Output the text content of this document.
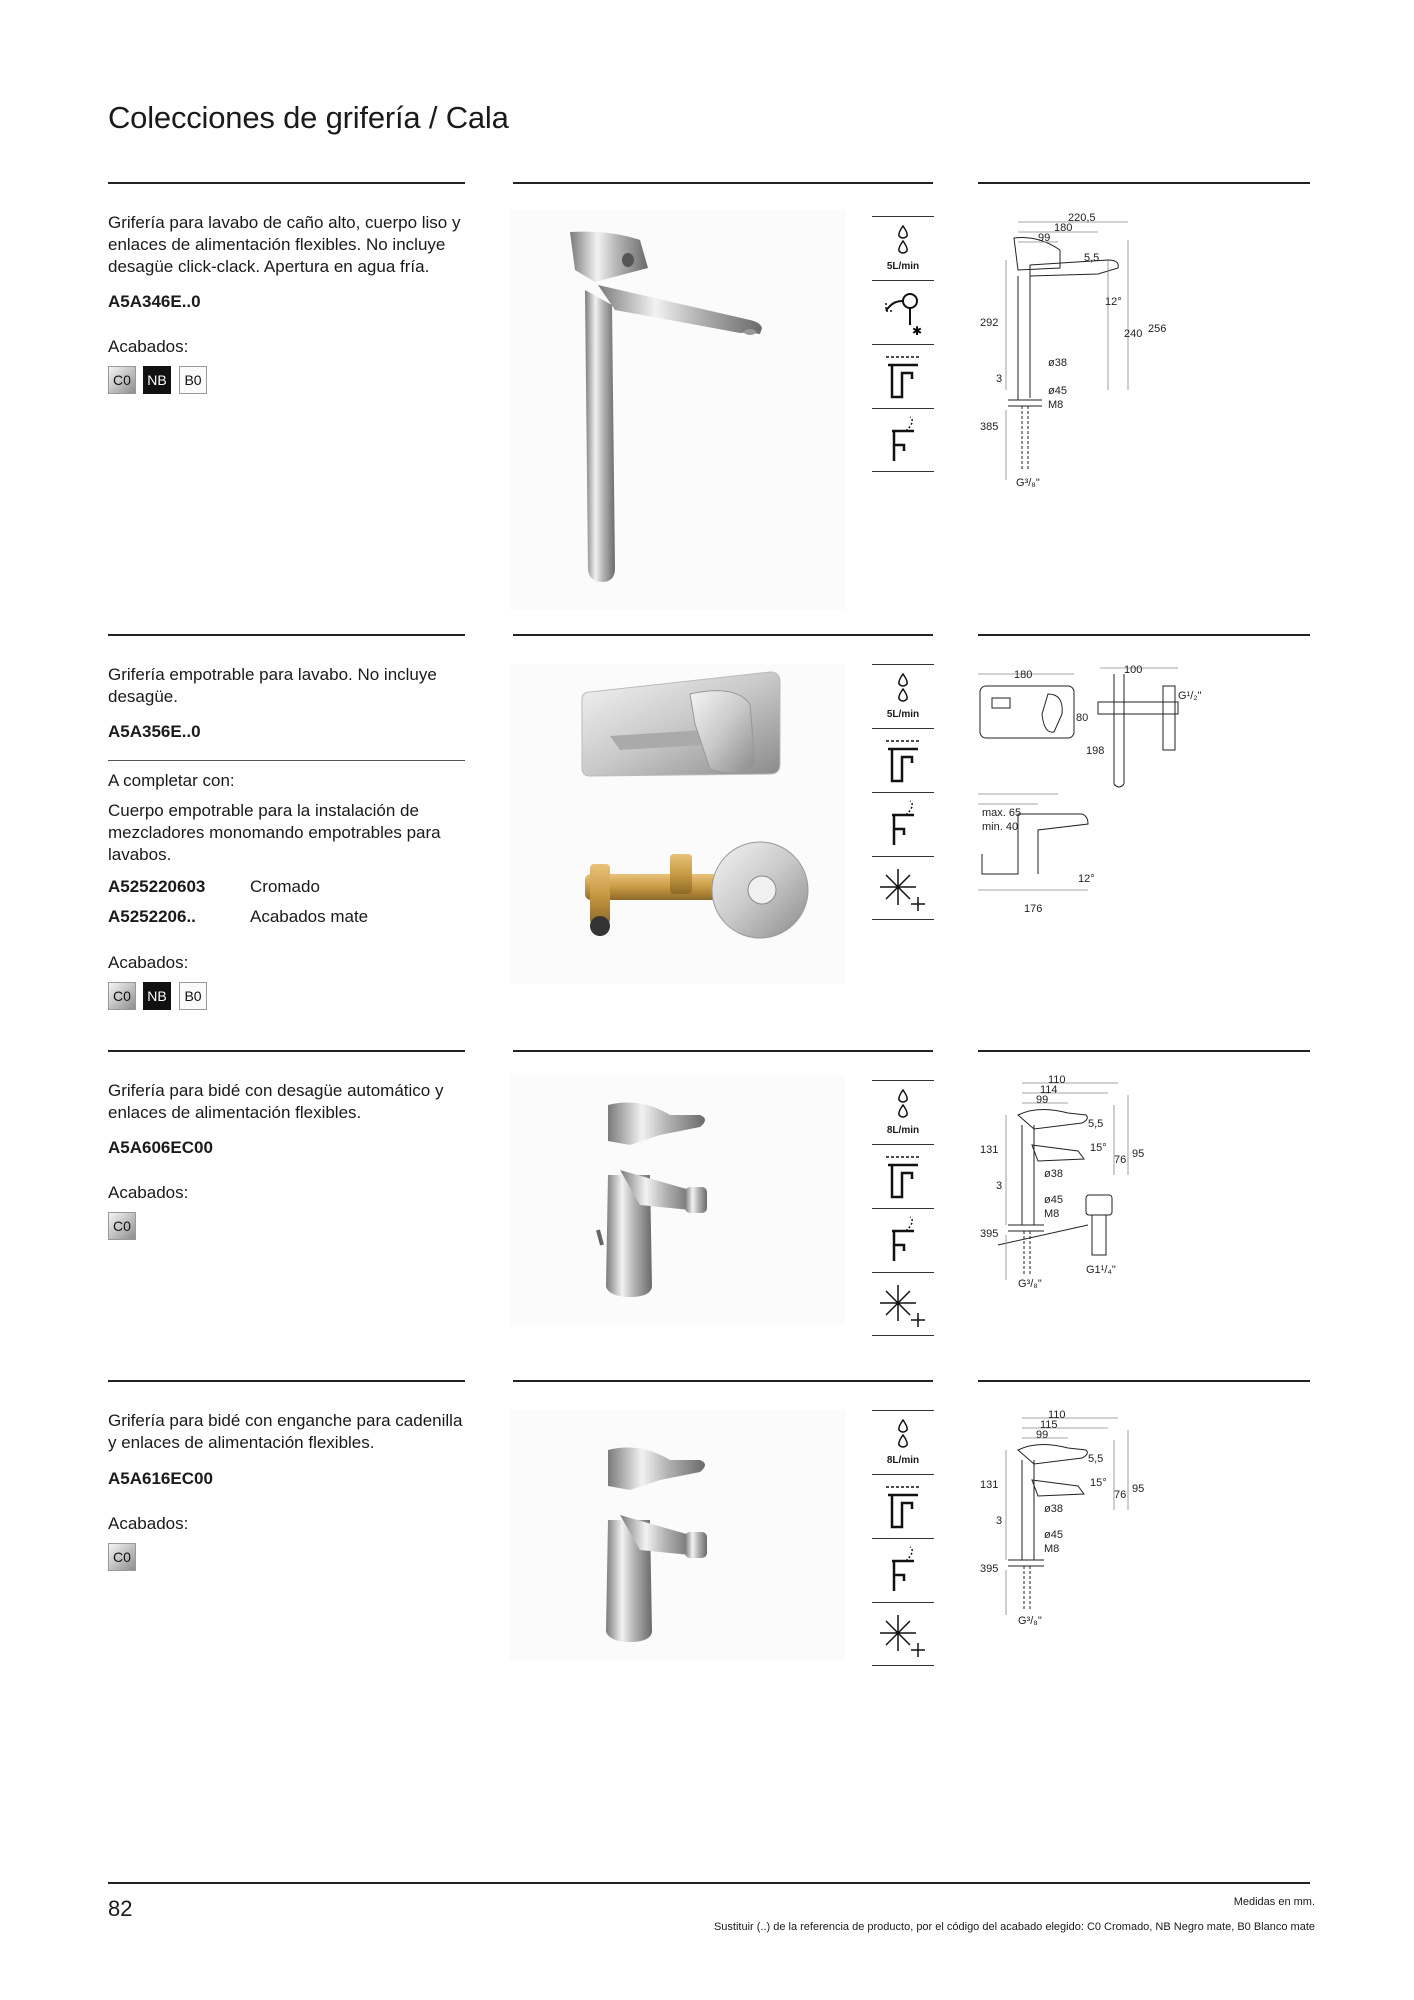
Colecciones de grifería / Cala
Grifería para lavabo de caño alto, cuerpo liso y enlaces de alimentación flexibles. No incluye desagüe click-clack. Apertura en agua fría.
A5A346E..0
Acabados:
C0	NB	B0
5L/min
✱
220,5
180
99
5,5
12°
292
240 256
ø38
3
ø45
M8
385
G³/₈"
Grifería empotrable para lavabo. No incluye desagüe.
A5A356E..0
A completar con:
Cuerpo empotrable para la instalación de mezcladores monomando empotrables para lavabos.
A525220603	Cromado
A5252206..	Acabados mate
Acabados:
C0	NB	B0
5L/min
180
80
100
G¹/₂"
198
max. 65
min. 40
12°
176
Grifería para bidé con desagüe automático y enlaces de alimentación flexibles.
A5A606EC00
Acabados:
C0
8L/min
110
114
99
5,5
131	15°
76 95
ø38
3
ø45
M8
395
G³/₈"
G1¹/₄"
Grifería para bidé con enganche para cadenilla y enlaces de alimentación flexibles.
A5A616EC00
Acabados:
C0
8L/min
110
115
99
5,5
131	15°
76 95
ø38
3
ø45
M8
395
G³/₈"
82	Medidas en mm.
Sustituir (..) de la referencia de producto, por el código del acabado elegido: C0 Cromado, NB Negro mate, B0 Blanco mate
